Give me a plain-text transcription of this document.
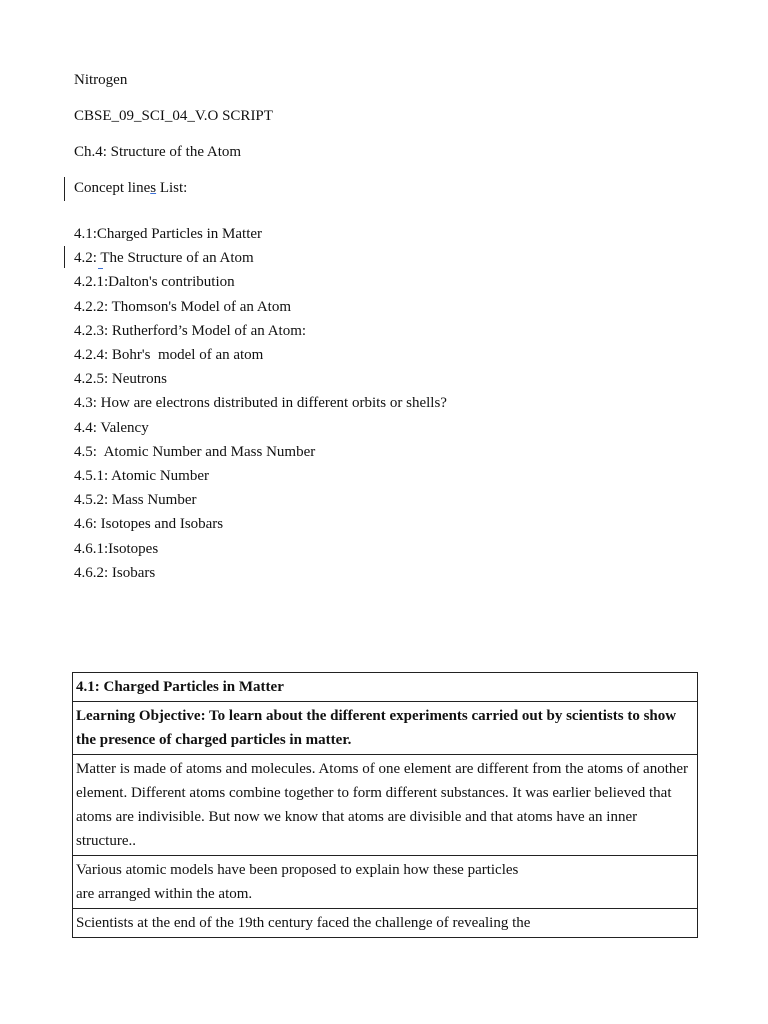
Nitrogen
CBSE_09_SCI_04_V.O SCRIPT
Ch.4: Structure of the Atom
Concept lines List:
4.1:Charged Particles in Matter
4.2: The Structure of an Atom
4.2.1:Dalton's contribution
4.2.2: Thomson's Model of an Atom
4.2.3: Rutherford’s Model of an Atom:
4.2.4: Bohr's  model of an atom
4.2.5: Neutrons
4.3: How are electrons distributed in different orbits or shells?
4.4: Valency
4.5:  Atomic Number and Mass Number
4.5.1: Atomic Number
4.5.2: Mass Number
4.6: Isotopes and Isobars
4.6.1:Isotopes
4.6.2: Isobars
4.1: Charged Particles in Matter
Learning Objective: To learn about the different experiments carried out by scientists to show the presence of charged particles in matter.
Matter is made of atoms and molecules. Atoms of one element are different from the atoms of another element. Different atoms combine together to form different substances. It was earlier believed that atoms are indivisible. But now we know that atoms are divisible and that atoms have an inner structure..
Various atomic models have been proposed to explain how these particles
are arranged within the atom.
Scientists at the end of the 19th century faced the challenge of revealing the
